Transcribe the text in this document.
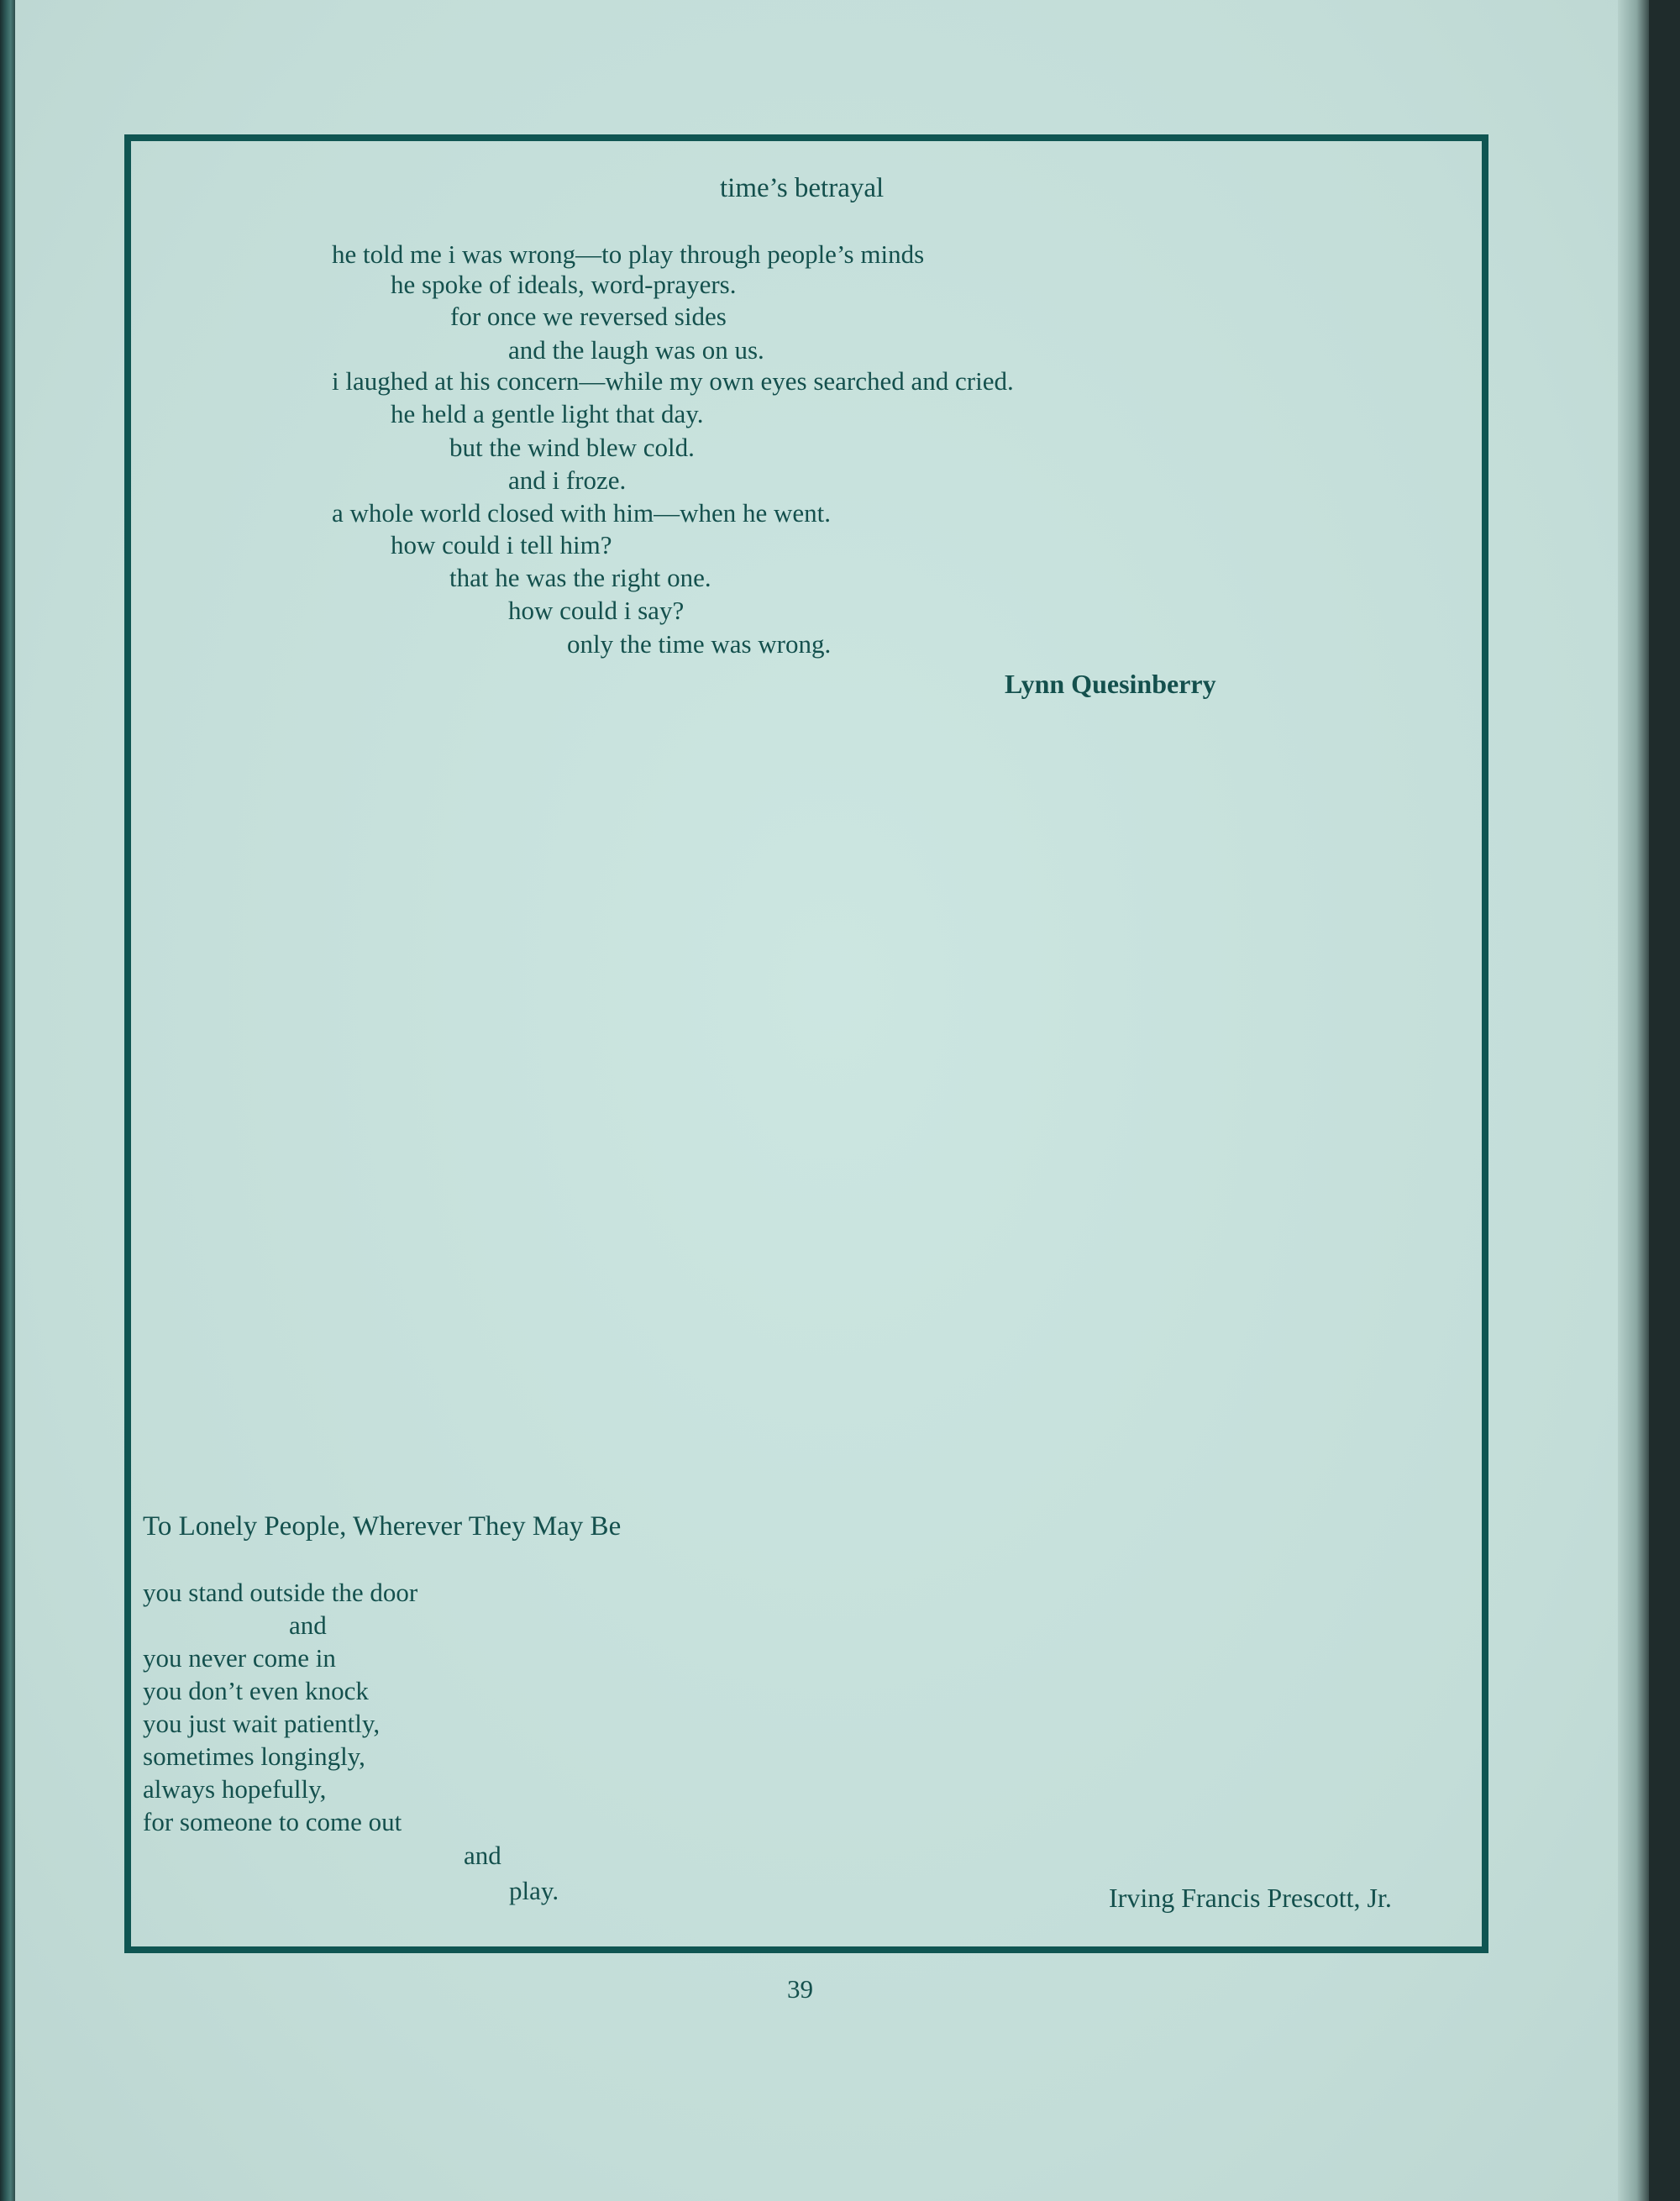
time’s betrayal
he told me i was wrong—to play through people’s minds
he spoke of ideals, word-prayers.
for once we reversed sides
and the laugh was on us.
i laughed at his concern—while my own eyes searched and cried.
he held a gentle light that day.
but the wind blew cold.
and i froze.
a whole world closed with him—when he went.
how could i tell him?
that he was the right one.
how could i say?
only the time was wrong.
Lynn Quesinberry
To Lonely People, Wherever They May Be
you stand outside the door
and
you never come in
you don’t even knock
you just wait patiently,
sometimes longingly,
always hopefully,
for someone to come out
and
play.	Irving Francis Prescott, Jr.
39
